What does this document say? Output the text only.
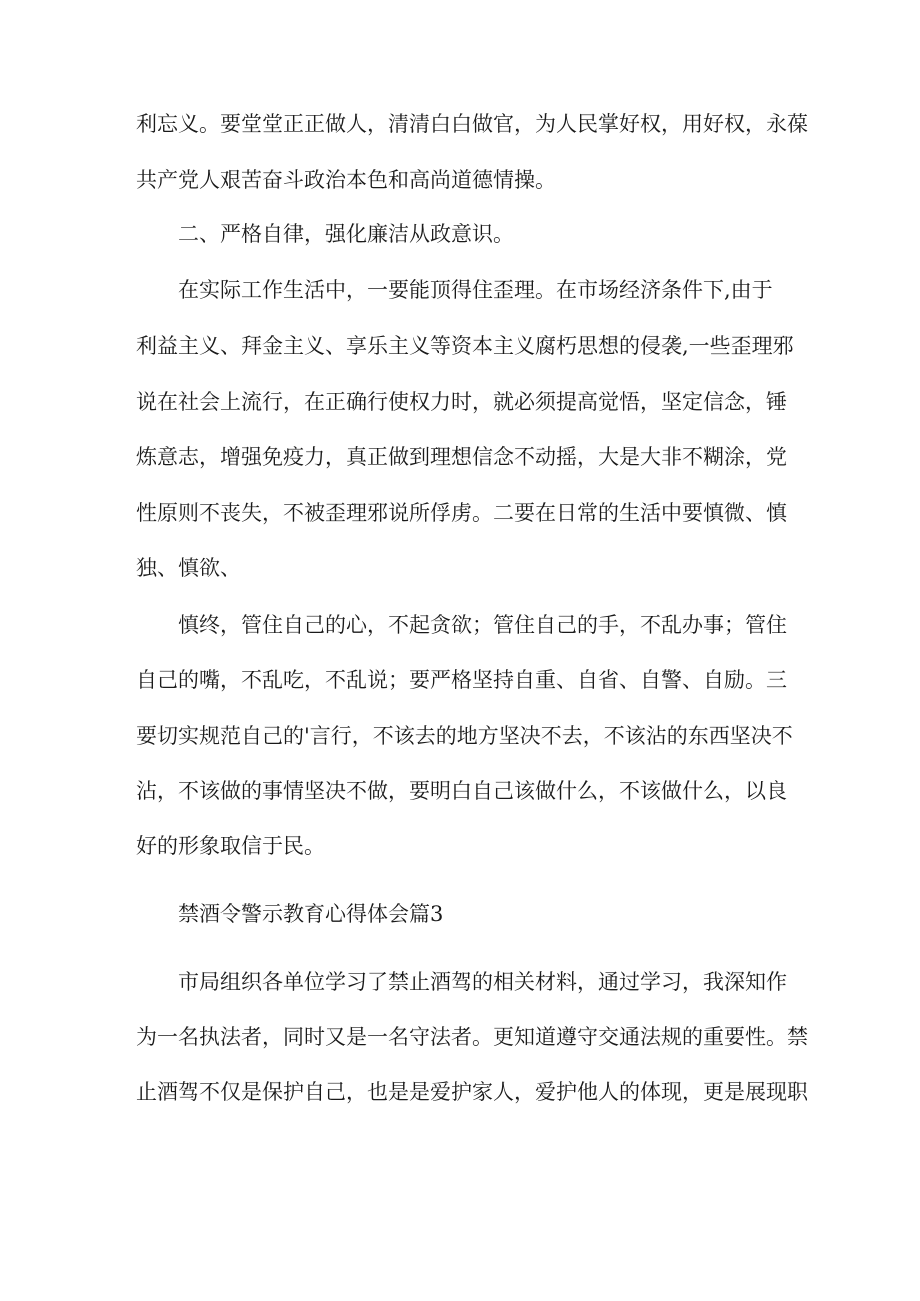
利忘义。要堂堂正正做人，清清白白做官，为人民掌好权，用好权，永葆
共产党人艰苦奋斗政治本色和高尚道德情操。
二、严格自律，强化廉洁从政意识。
在实际工作生活中，一要能顶得住歪理。在市场经济条件下,由于
利益主义、拜金主义、享乐主义等资本主义腐朽思想的侵袭,一些歪理邪
说在社会上流行，在正确行使权力时，就必须提高觉悟，坚定信念，锤
炼意志，增强免疫力，真正做到理想信念不动摇，大是大非不糊涂，党
性原则不丧失，不被歪理邪说所俘虏。二要在日常的生活中要慎微、慎
独、慎欲、
慎终，管住自己的心，不起贪欲；管住自己的手，不乱办事；管住
自己的嘴，不乱吃，不乱说；要严格坚持自重、自省、自警、自励。三
要切实规范自己的'言行，不该去的地方坚决不去，不该沾的东西坚决不
沾，不该做的事情坚决不做，要明白自己该做什么，不该做什么，以良
好的形象取信于民。
禁酒令警示教育心得体会篇3
市局组织各单位学习了禁止酒驾的相关材料，通过学习，我深知作
为一名执法者，同时又是一名守法者。更知道遵守交通法规的重要性。禁
止酒驾不仅是保护自己，也是是爱护家人，爱护他人的体现，更是展现职
